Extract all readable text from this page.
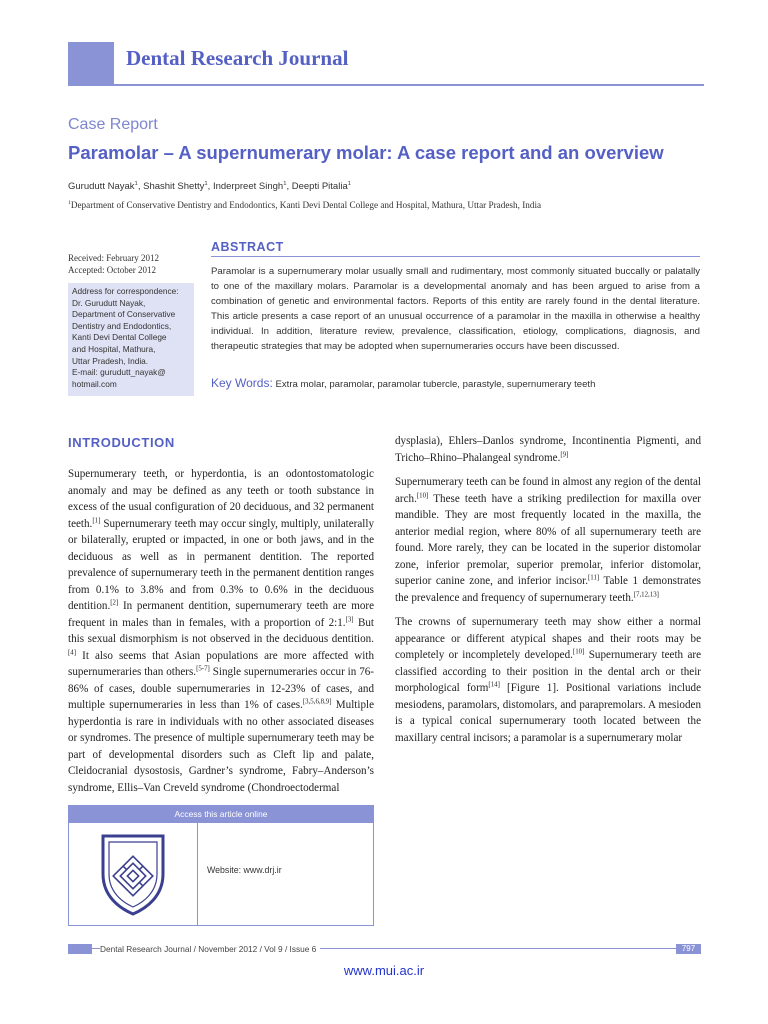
Dental Research Journal
Case Report
Paramolar – A supernumerary molar: A case report and an overview
Gurudutt Nayak$^1$, Shashit Shetty$^1$, Inderpreet Singh$^1$, Deepti Pitalia$^1$
$^1$Department of Conservative Dentistry and Endodontics, Kanti Devi Dental College and Hospital, Mathura, Uttar Pradesh, India
Received: February 2012
Accepted: October 2012
Address for correspondence:
Dr. Gurudutt Nayak,
Department of Conservative
Dentistry and Endodontics,
Kanti Devi Dental College
and Hospital, Mathura,
Uttar Pradesh, India.
E-mail: gurudutt_nayak@
hotmail.com
ABSTRACT
Paramolar is a supernumerary molar usually small and rudimentary, most commonly situated buccally or palatally to one of the maxillary molars. Paramolar is a developmental anomaly and has been argued to arise from a combination of genetic and environmental factors. Reports of this entity are rarely found in the dental literature. This article presents a case report of an unusual occurrence of a paramolar in the maxilla in otherwise a healthy individual. In addition, literature review, prevalence, classification, etiology, complications, diagnosis, and therapeutic strategies that may be adopted when supernumeraries occurs have been discussed.
Key Words: Extra molar, paramolar, paramolar tubercle, parastyle, supernumerary teeth
INTRODUCTION

Supernumerary teeth, or hyperdontia, is an odontostomatologic anomaly and may be defined as any teeth or tooth substance in excess of the usual configuration of 20 deciduous, and 32 permanent teeth.[1] Supernumerary teeth may occur singly, multiply, unilaterally or bilaterally, erupted or impacted, in one or both jaws, and in the deciduous as well as in permanent dentition. The reported prevalence of supernumerary teeth in the permanent dentition ranges from 0.1% to 3.8% and from 0.3% to 0.6% in the deciduous dentition.[2] In permanent dentition, supernumerary teeth are more frequent in males than in females, with a proportion of 2:1.[3] But this sexual dismorphism is not observed in the deciduous dentition.[4] It also seems that Asian populations are more affected with supernumeraries than others.[5-7] Single supernumeraries occur in 76-86% of cases, double supernumeraries in 12-23% of cases, and multiple supernumeraries in less than 1% of cases.[3,5,6,8,9] Multiple hyperdontia is rare in individuals with no other associated diseases or syndromes. The presence of multiple supernumerary teeth may be part of developmental disorders such as Cleft lip and palate, Cleidocranial dysostosis, Gardner’s syndrome, Fabry–Anderson’s syndrome, Ellis–Van Creveld syndrome (Chondroectodermal

dysplasia), Ehlers–Danlos syndrome, Incontinentia Pigmenti, and Tricho–Rhino–Phalangeal syndrome.[9]

Supernumerary teeth can be found in almost any region of the dental arch.[10] These teeth have a striking predilection for maxilla over mandible. They are most frequently located in the maxilla, the anterior medial region, where 80% of all supernumerary teeth are found. More rarely, they can be located in the superior distomolar zone, inferior premolar, superior premolar, inferior distomolar, superior canine zone, and inferior incisor.[11] Table 1 demonstrates the prevalence and frequency of supernumerary teeth.[7,12,13]

The crowns of supernumerary teeth may show either a normal appearance or different atypical shapes and their roots may be completely or incompletely developed.[10] Supernumerary teeth are classified according to their position in the dental arch or their morphological form[14] [Figure 1]. Positional variations include mesiodens, paramolars, distomolars, and parapremolars. A mesioden is a typical conical supernumerary tooth located between the maxillary central incisors; a paramolar is a supernumerary molar

Access this article online
Website: www.drj.ir
Dental Research Journal / November 2012 / Vol 9 / Issue 6	797
www.mui.ac.ir
